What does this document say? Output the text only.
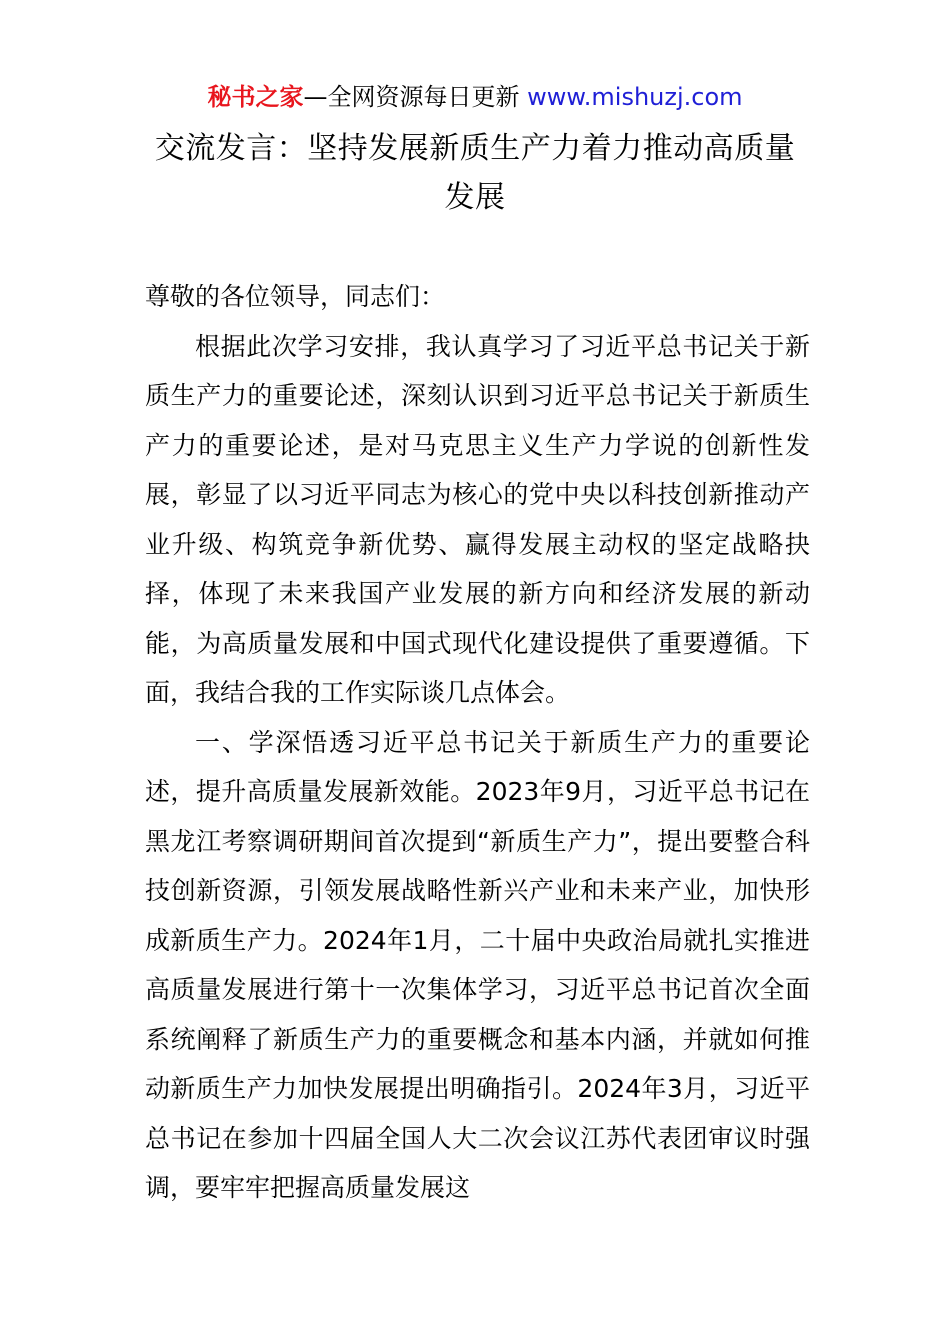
秘书之家—全网资源每日更新 www.mishuzj.com
交流发言：坚持发展新质生产力着力推动高质量发展

尊敬的各位领导，同志们：

根据此次学习安排，我认真学习了习近平总书记关于新质生产力的重要论述，深刻认识到习近平总书记关于新质生产力的重要论述，是对马克思主义生产力学说的创新性发展，彰显了以习近平同志为核心的党中央以科技创新推动产业升级、构筑竞争新优势、赢得发展主动权的坚定战略抉择，体现了未来我国产业发展的新方向和经济发展的新动能，为高质量发展和中国式现代化建设提供了重要遵循。下面，我结合我的工作实际谈几点体会。

一、学深悟透习近平总书记关于新质生产力的重要论述，提升高质量发展新效能。2023年9月，习近平总书记在黑龙江考察调研期间首次提到“新质生产力”，提出要整合科技创新资源，引领发展战略性新兴产业和未来产业，加快形成新质生产力。2024年1月，二十届中央政治局就扎实推进高质量发展进行第十一次集体学习，习近平总书记首次全面系统阐释了新质生产力的重要概念和基本内涵，并就如何推动新质生产力加快发展提出明确指引。2024年3月，习近平总书记在参加十四届全国人大二次会议江苏代表团审议时强调，要牢牢把握高质量发展这
